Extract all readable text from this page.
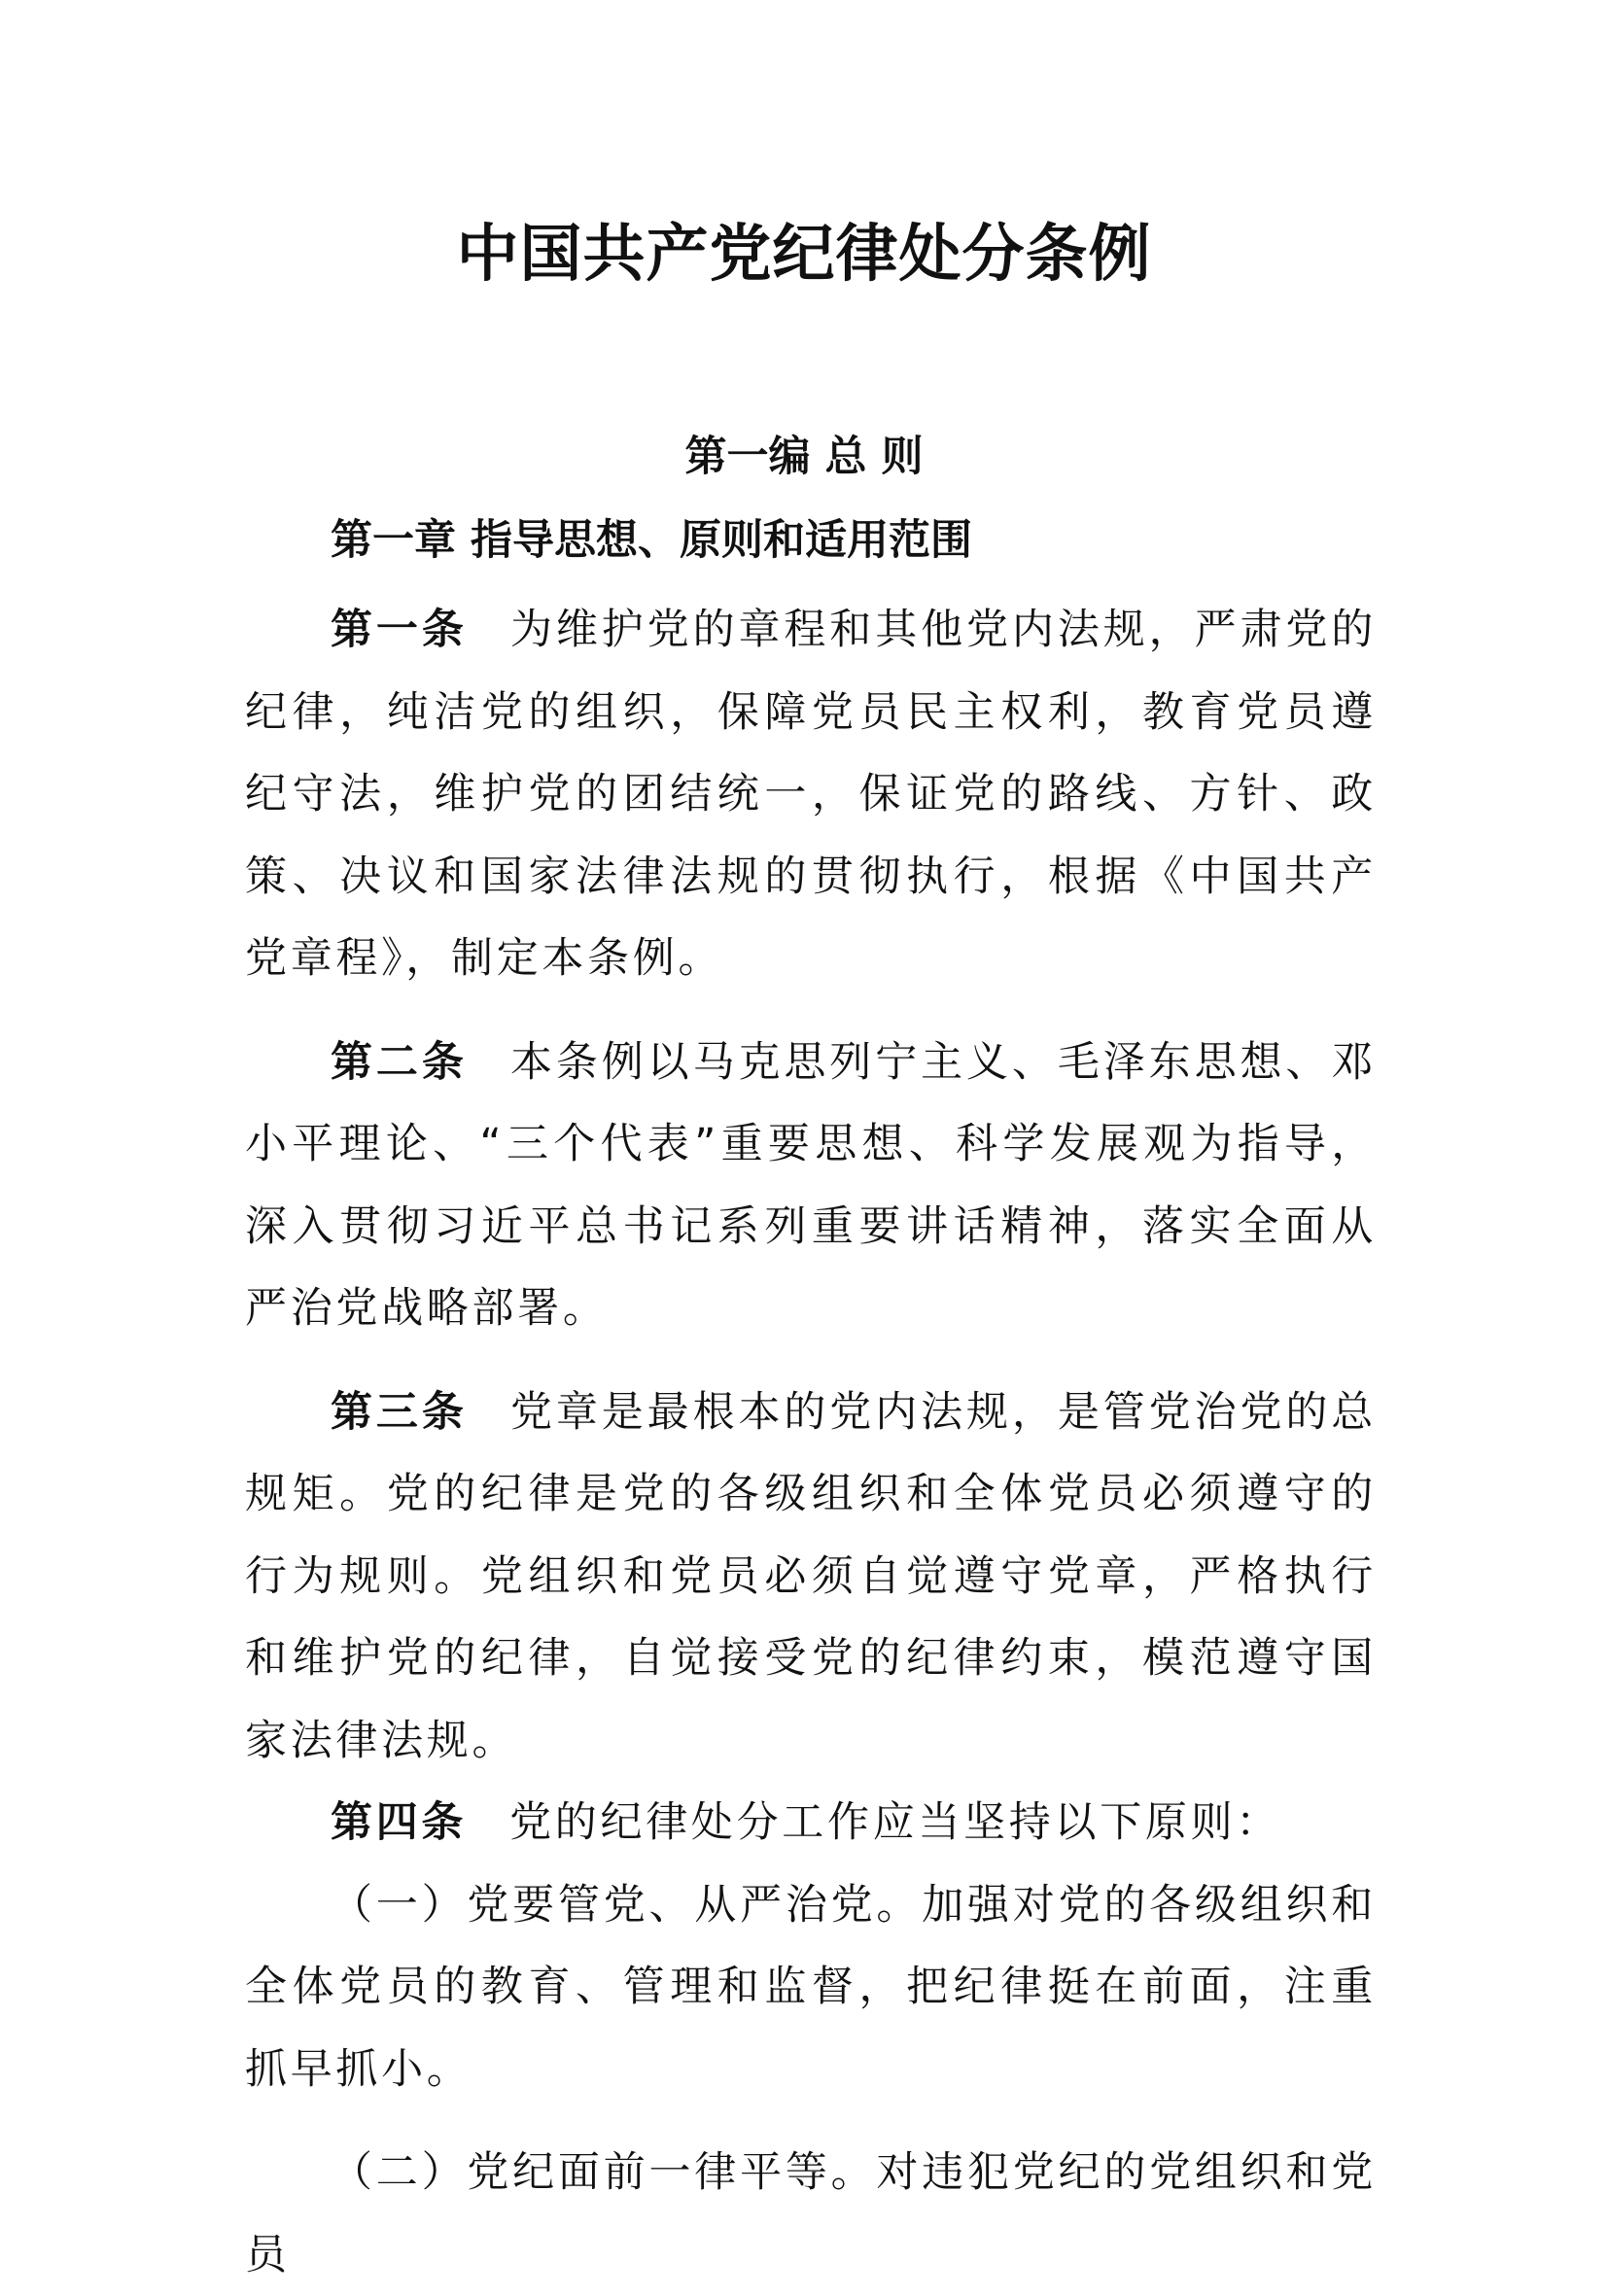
中国共产党纪律处分条例
第一编 总 则
第一章 指导思想、原则和适用范围

第一条 为维护党的章程和其他党内法规，严肃党的纪律，纯洁党的组织，保障党员民主权利，教育党员遵纪守法，维护党的团结统一，保证党的路线、方针、政策、决议和国家法律法规的贯彻执行，根据《中国共产党章程》，制定本条例。

第二条 本条例以马克思列宁主义、毛泽东思想、邓小平理论、“三个代表”重要思想、科学发展观为指导，深入贯彻习近平总书记系列重要讲话精神，落实全面从严治党战略部署。

第三条 党章是最根本的党内法规，是管党治党的总规矩。党的纪律是党的各级组织和全体党员必须遵守的行为规则。党组织和党员必须自觉遵守党章，严格执行和维护党的纪律，自觉接受党的纪律约束，模范遵守国家法律法规。

第四条 党的纪律处分工作应当坚持以下原则：

（一）党要管党、从严治党。加强对党的各级组织和全体党员的教育、管理和监督，把纪律挺在前面，注重抓早抓小。

（二）党纪面前一律平等。对违犯党纪的党组织和党员
